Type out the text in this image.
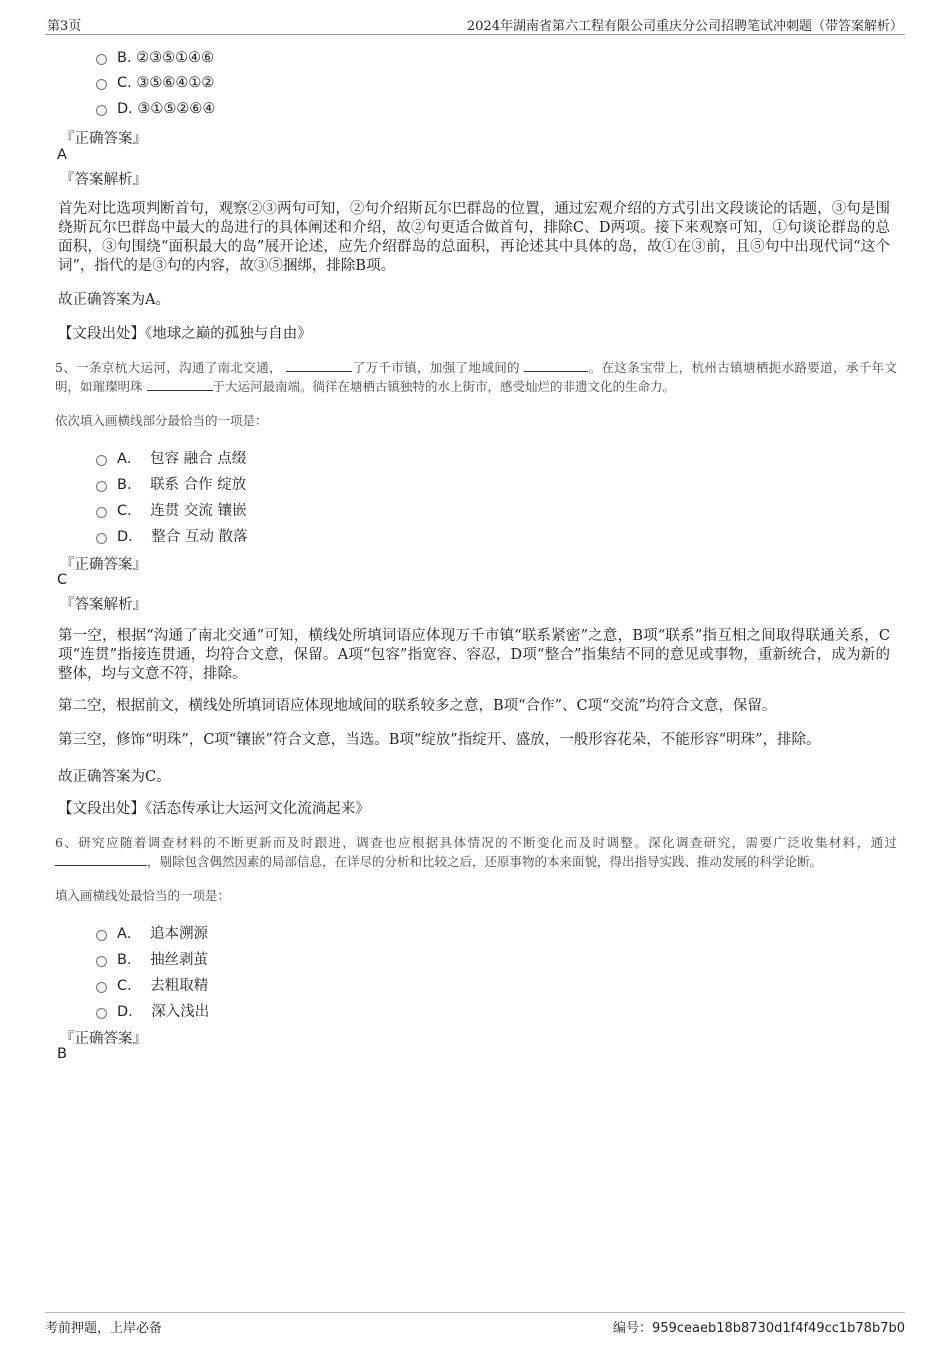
第3页	2024年湖南省第六工程有限公司重庆分公司招聘笔试冲刺题（带答案解析）
B. ②③⑤①④⑥
C. ③⑤⑥④①②
D. ③①⑤②⑥④
『正确答案』
A
『答案解析』
首先对比选项判断首句，观察②③两句可知，②句介绍斯瓦尔巴群岛的位置，通过宏观介绍的方式引出文段谈论的话题，③句是围绕斯瓦尔巴群岛中最大的岛进行的具体阐述和介绍，故②句更适合做首句，排除C、D两项。接下来观察可知，①句谈论群岛的总面积，③句围绕“面积最大的岛”展开论述，应先介绍群岛的总面积，再论述其中具体的岛，故①在③前，且⑤句中出现代词“这个词”，指代的是③句的内容，故③⑤捆绑，排除B项。
故正确答案为A。
【文段出处】《地球之巅的孤独与自由》
5、一条京杭大运河，沟通了南北交通，	了万千市镇，加强了地域间的	。在这条宝带上，杭州古镇塘栖扼水路要道，承千年文明，如璀璨明珠	于大运河最南端。徜徉在塘栖古镇独特的水上街市，感受灿烂的非遗文化的生命力。
依次填入画横线部分最恰当的一项是：
A． 包容 融合 点缀
B． 联系 合作 绽放
C． 连贯 交流 镶嵌
D． 整合 互动 散落
『正确答案』
C
『答案解析』
第一空，根据“沟通了南北交通”可知，横线处所填词语应体现万千市镇“联系紧密”之意，B项“联系”指互相之间取得联通关系，C项“连贯”指接连贯通，均符合文意，保留。A项“包容”指宽容、容忍，D项“整合”指集结不同的意见或事物，重新统合，成为新的整体，均与文意不符，排除。
第二空，根据前文，横线处所填词语应体现地域间的联系较多之意，B项“合作”、C项“交流”均符合文意，保留。
第三空，修饰“明珠”，C项“镶嵌”符合文意，当选。B项“绽放”指绽开、盛放，一般形容花朵，不能形容“明珠”，排除。
故正确答案为C。
【文段出处】《活态传承让大运河文化流淌起来》
6、研究应随着调查材料的不断更新而及时跟进，调查也应根据具体情况的不断变化而及时调整。深化调查研究，需要广泛收集材料，通过 ，剔除包含偶然因素的局部信息，在详尽的分析和比较之后，还原事物的本来面貌，得出指导实践、推动发展的科学论断。
填入画横线处最恰当的一项是：
A． 追本溯源
B． 抽丝剥茧
C． 去粗取精
D． 深入浅出
『正确答案』
B
考前押题，上岸必备	编号：959ceaeb18b8730d1f4f49cc1b78b7b0
